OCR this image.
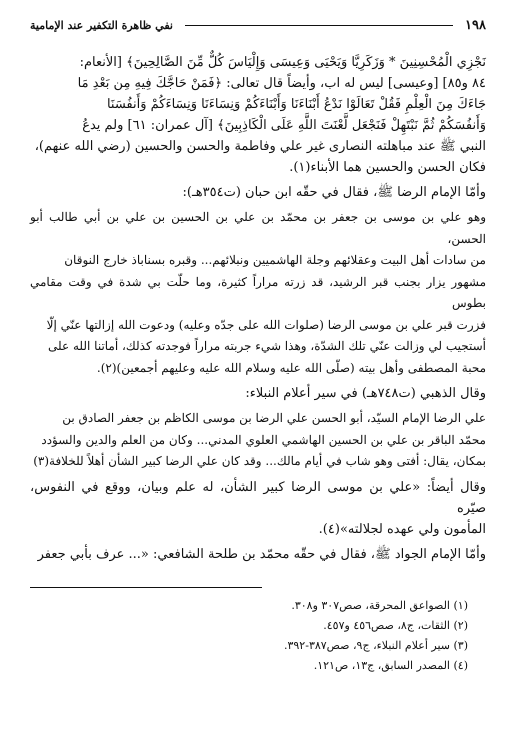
١٩٨
نفي ظاهرة التكفير عند الإمامية

نَجْزِي الْمُحْسِنِينَ * وَزَكَرِيَّا وَيَحْيَى وَعِيسَى وَإِلْيَاسَ كُلٌّ مِّنَ الصَّالِحِينَ﴾ [الأنعام:

٨٤ و٨٥] [وعيسى] ليس له اب، وأيضاً قال تعالى: ﴿فَمَنْ حَاجَّكَ فِيهِ مِن بَعْدِ مَا

جَاءَكَ مِنَ الْعِلْمِ فَقُلْ تَعَالَوْا نَدْعُ أَبْنَاءَنَا وَأَبْنَاءَكُمْ وَنِسَاءَنَا وَنِسَاءَكُمْ وَأَنفُسَنَا

وَأَنفُسَكُمْ ثُمَّ نَبْتَهِلْ فَنَجْعَل لَّعْنَتَ اللَّهِ عَلَى الْكَاذِبِينَ﴾ [آل عمران: ٦١] ولم يدعُ

النبي ﷺ عند مباهلته النصارى غير علي وفاطمة والحسن والحسين (رضي الله عنهم)،

فكان الحسن والحسين هما الأبناء(١).

وأمّا الإمام الرضا ﷺ، فقال في حقّه ابن حبان (ت٣٥٤هـ):

وهو علي بن موسى بن جعفر بن محمّد بن علي بن الحسين بن علي بن أبي طالب أبو الحسن،

من سادات أهل البيت وعقلائهم وجلة الهاشميين ونبلائهم... وقبره بسناباذ خارج النوقان

مشهور يزار بجنب قبر الرشيد، قد زرته مراراً كثيرة، وما حلّت بي شدة في وقت مقامي بطوس

فزرت قبر علي بن موسى الرضا (صلوات الله على جدّه وعليه) ودعوت الله إزالتها عنّي إلّا

أستجيب لي وزالت عنّي تلك الشدّة، وهذا شيء جربته مراراً فوجدته كذلك، أماتنا الله على

محبة المصطفى وأهل بيته (صلّى الله عليه وسلام الله عليه وعليهم أجمعين)(٢).

وقال الذهبي (ت٧٤٨هـ) في سير أعلام النبلاء:

علي الرضا الإمام السيّد، أبو الحسن علي الرضا بن موسى الكاظم بن جعفر الصادق بن

محمّد الباقر بن علي بن الحسين الهاشمي العلوي المدني... وكان من العلم والدين والسؤدد

بمكان، يقال: أفتى وهو شاب في أيام مالك... وقد كان علي الرضا كبير الشأن أهلاً للخلافة(٣)

وقال أيضاً: «علي بن موسى الرضا كبير الشأن، له علم وبيان، ووقع في النفوس، صيّره

المأمون ولي عهده لجلالته»(٤).

وأمّا الإمام الجواد ﷺ، فقال في حقّه محمّد بن طلحة الشافعي: «... عرف بأبي جعفر

(١) الصواعق المحرقة، صص٣٠٧ و٣٠٨.

(٢) الثقات، ج٨، صص٤٥٦ و٤٥٧.

(٣) سير أعلام النبلاء، ج٩، صص٣٨٧-٣٩٢.

(٤) المصدر السابق، ج١٣، ص١٢١.
